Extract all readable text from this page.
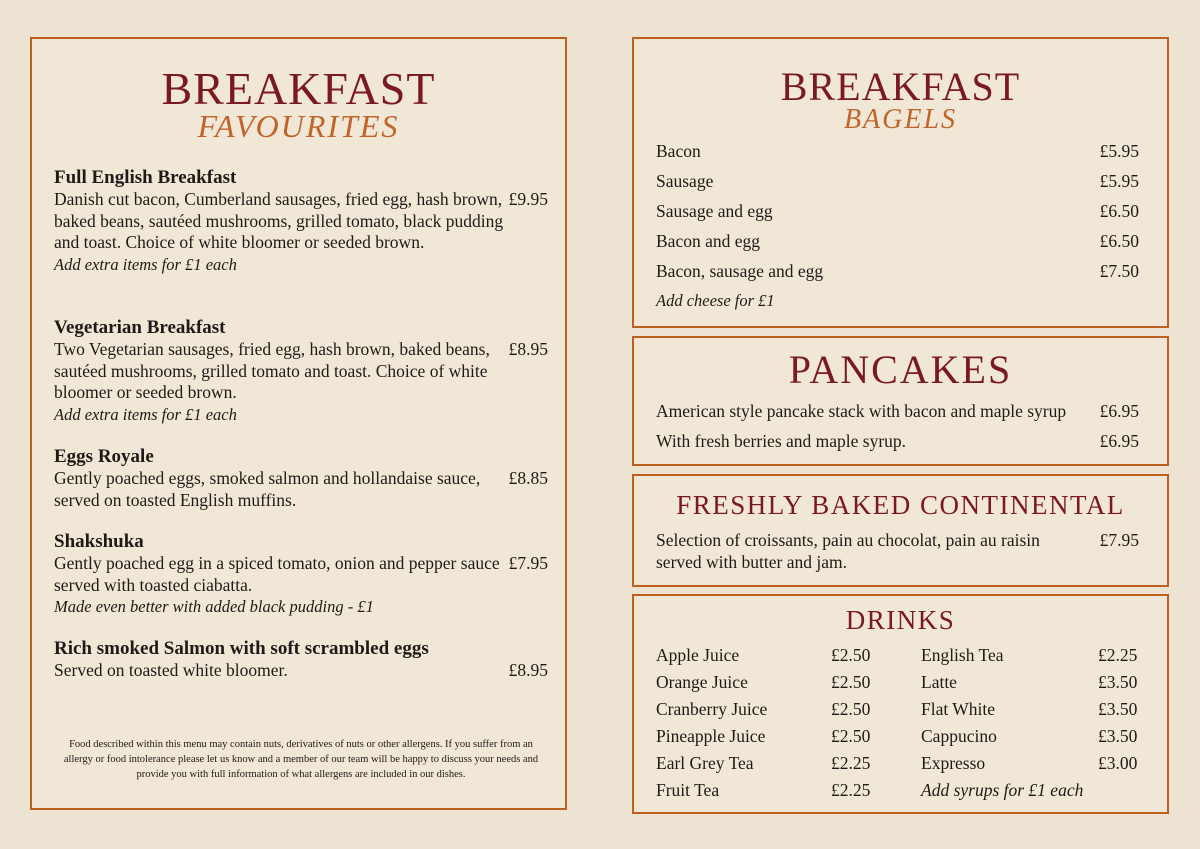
BREAKFAST
FAVOURITES
Full English Breakfast
Danish cut bacon, Cumberland sausages, fried egg, hash brown, baked beans, sautéed mushrooms, grilled tomato, black pudding and toast. Choice of white bloomer or seeded brown.
£9.95
Add extra items for £1 each
Vegetarian Breakfast
Two Vegetarian sausages, fried egg, hash brown, baked beans, sautéed mushrooms, grilled tomato and toast. Choice of white bloomer or seeded brown.
£8.95
Add extra items for £1 each
Eggs Royale
Gently poached eggs, smoked salmon and hollandaise sauce, served on toasted English muffins.
£8.85
Shakshuka
Gently poached egg in a spiced tomato, onion and pepper sauce served with toasted ciabatta.
£7.95
Made even better with added black pudding - £1
Rich smoked Salmon with soft scrambled eggs
Served on toasted white bloomer.	£8.95
Food described within this menu may contain nuts, derivatives of nuts or other allergens. If you suffer from an allergy or food intolerance please let us know and a member of our team will be happy to discuss your needs and provide you with full information of what allergens are included in our dishes.
BREAKFAST
BAGELS
Bacon	£5.95
Sausage	£5.95
Sausage and egg	£6.50
Bacon and egg	£6.50
Bacon, sausage and egg	£7.50
Add cheese for £1
PANCAKES
American style pancake stack with bacon and maple syrup £6.95
With fresh berries and maple syrup.	£6.95
FRESHLY BAKED CONTINENTAL
Selection of croissants, pain au chocolat, pain au raisin served with butter and jam.
£7.95
DRINKS
Apple Juice	£2.50
Orange Juice	£2.50
Cranberry Juice	£2.50
Pineapple Juice	£2.50
Earl Grey Tea	£2.25
Fruit Tea	£2.25
English Tea	£2.25
Latte	£3.50
Flat White	£3.50
Cappucino	£3.50
Expresso	£3.00
Add syrups for £1 each
